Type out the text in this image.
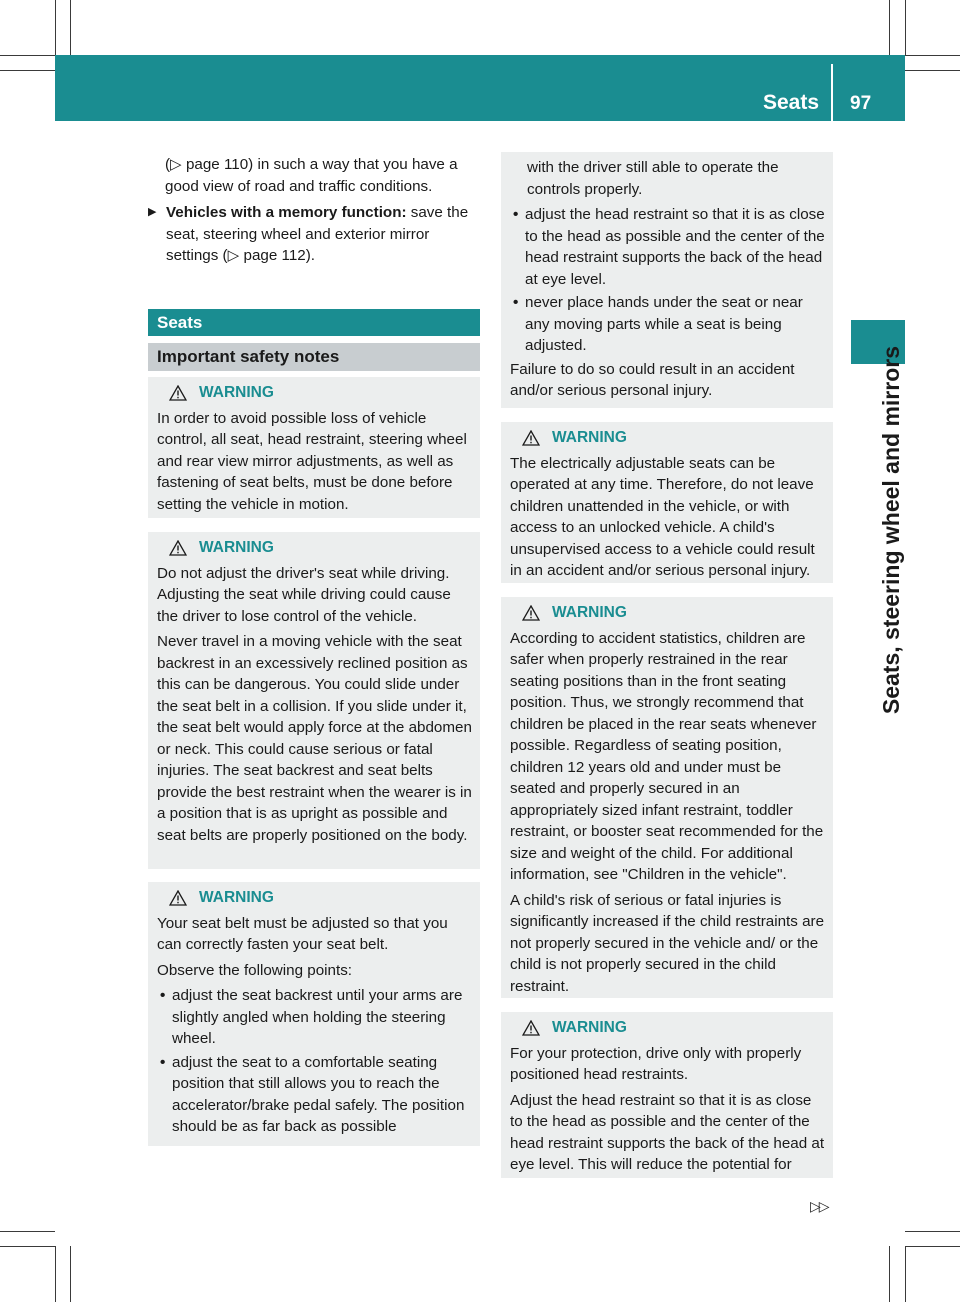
Seats 97
Seats, steering wheel and mirrors

(▷ page 110) in such a way that you have a good view of road and traffic conditions.

▶ Vehicles with a memory function: save the seat, steering wheel and exterior mirror settings (▷ page 112).
Seats
Important safety notes
WARNING

In order to avoid possible loss of vehicle control, all seat, head restraint, steering wheel and rear view mirror adjustments, as well as fastening of seat belts, must be done before setting the vehicle in motion.

WARNING

Do not adjust the driver's seat while driving. Adjusting the seat while driving could cause the driver to lose control of the vehicle.

Never travel in a moving vehicle with the seat backrest in an excessively reclined position as this can be dangerous. You could slide under the seat belt in a collision. If you slide under it, the seat belt would apply force at the abdomen or neck. This could cause serious or fatal injuries. The seat backrest and seat belts provide the best restraint when the wearer is in a position that is as upright as possible and seat belts are properly positioned on the body.

WARNING

Your seat belt must be adjusted so that you can correctly fasten your seat belt.

Observe the following points:

• adjust the seat backrest until your arms are slightly angled when holding the steering wheel.
• adjust the seat to a comfortable seating position that still allows you to reach the accelerator/brake pedal safely. The position should be as far back as possible

with the driver still able to operate the controls properly.

• adjust the head restraint so that it is as close to the head as possible and the center of the head restraint supports the back of the head at eye level.
• never place hands under the seat or near any moving parts while a seat is being adjusted.

Failure to do so could result in an accident and/or serious personal injury.

WARNING

The electrically adjustable seats can be operated at any time. Therefore, do not leave children unattended in the vehicle, or with access to an unlocked vehicle. A child's unsupervised access to a vehicle could result in an accident and/or serious personal injury.

WARNING

According to accident statistics, children are safer when properly restrained in the rear seating positions than in the front seating position. Thus, we strongly recommend that children be placed in the rear seats whenever possible. Regardless of seating position, children 12 years old and under must be seated and properly secured in an appropriately sized infant restraint, toddler restraint, or booster seat recommended for the size and weight of the child. For additional information, see "Children in the vehicle".

A child's risk of serious or fatal injuries is significantly increased if the child restraints are not properly secured in the vehicle and/ or the child is not properly secured in the child restraint.

WARNING

For your protection, drive only with properly positioned head restraints.

Adjust the head restraint so that it is as close to the head as possible and the center of the head restraint supports the back of the head at eye level. This will reduce the potential for

▷▷
